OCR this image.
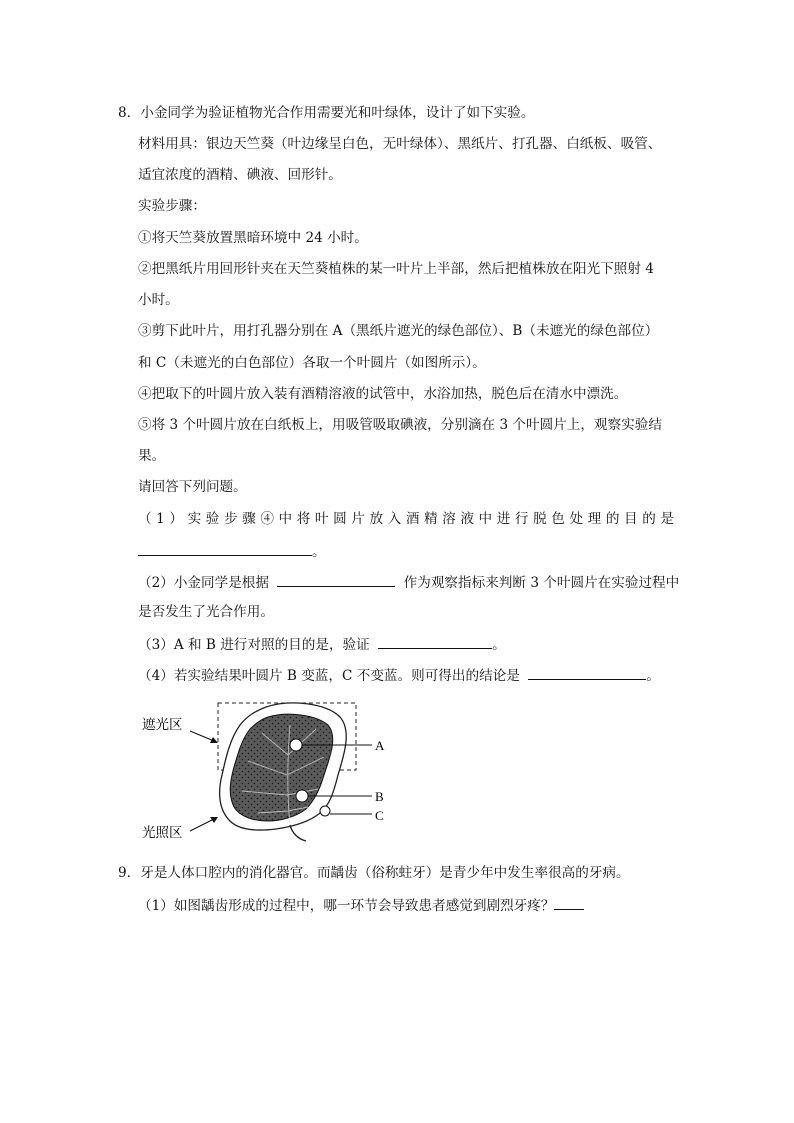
8．小金同学为验证植物光合作用需要光和叶绿体，设计了如下实验。
材料用具：银边天竺葵（叶边缘呈白色，无叶绿体）、黑纸片、打孔器、白纸板、吸管、
适宜浓度的酒精、碘液、回形针。
实验步骤：
①将天竺葵放置黑暗环境中 24 小时。
②把黑纸片用回形针夹在天竺葵植株的某一叶片上半部，然后把植株放在阳光下照射 4
小时。
③剪下此叶片，用打孔器分别在 A（黑纸片遮光的绿色部位）、B（未遮光的绿色部位）
和 C（未遮光的白色部位）各取一个叶圆片（如图所示）。
④把取下的叶圆片放入装有酒精溶液的试管中，水浴加热，脱色后在清水中漂洗。
⑤将 3 个叶圆片放在白纸板上，用吸管吸取碘液，分别滴在 3 个叶圆片上，观察实验结
果。
请回答下列问题。
（1）实验步骤④中将叶圆片放入酒精溶液中进行脱色处理的目的是
。
（2）小金同学是根据	作为观察指标来判断 3 个叶圆片在实验过程中
是否发生了光合作用。
（3）A 和 B 进行对照的目的是，验证	。
（4）若实验结果叶圆片 B 变蓝，C 不变蓝。则可得出的结论是	。
A
B
C
遮光区
光照区
9．牙是人体口腔内的消化器官。而龋齿（俗称蛀牙）是青少年中发生率很高的牙病。
（1）如图龋齿形成的过程中，哪一环节会导致患者感觉到剧烈牙疼？
